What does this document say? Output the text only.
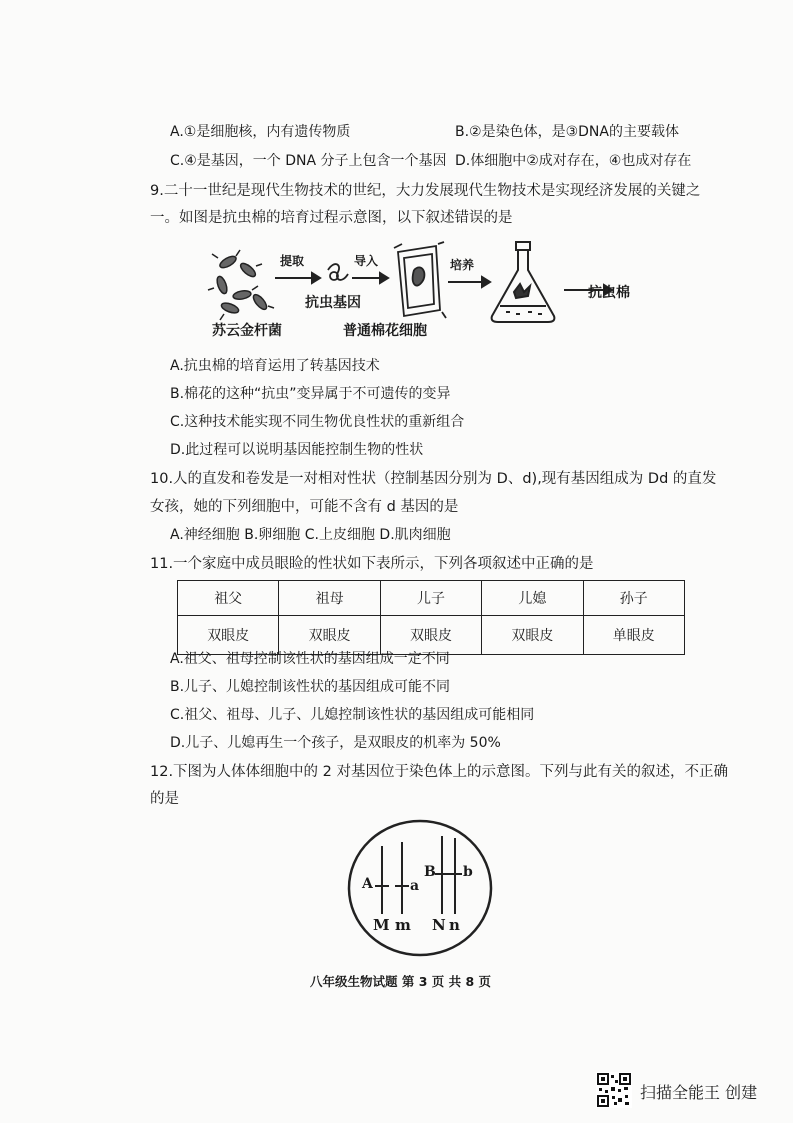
A.①是细胞核，内有遗传物质	B.②是染色体，是③DNA的主要载体
C.④是基因，一个 DNA 分子上包含一个基因 D.体细胞中②成对存在，④也成对存在
9.二十一世纪是现代生物技术的世纪，大力发展现代生物技术是实现经济发展的关键之
一。如图是抗虫棉的培育过程示意图，以下叙述错误的是
提取	导入	培养
抗虫基因
苏云金杆菌	普通棉花细胞
抗虫棉
A.抗虫棉的培育运用了转基因技术
B.棉花的这种“抗虫”变异属于不可遗传的变异
C.这种技术能实现不同生物优良性状的重新组合
D.此过程可以说明基因能控制生物的性状
10.人的直发和卷发是一对相对性状（控制基因分别为 D、d),现有基因组成为 Dd 的直发
女孩，她的下列细胞中，可能不含有 d 基因的是
A.神经细胞 B.卵细胞 C.上皮细胞 D.肌肉细胞
11.一个家庭中成员眼睑的性状如下表所示，下列各项叙述中正确的是
祖父	祖母	儿子	儿媳	孙子
双眼皮	双眼皮	双眼皮	双眼皮	单眼皮
A.祖父、祖母控制该性状的基因组成一定不同
B.儿子、儿媳控制该性状的基因组成可能不同
C.祖父、祖母、儿子、儿媳控制该性状的基因组成可能相同
D.儿子、儿媳再生一个孩子，是双眼皮的机率为 50%
12.下图为人体体细胞中的 2 对基因位于染色体上的示意图。下列与此有关的叙述，不正确
的是
A	a
B b
M m N n
八年级生物试题 第 3 页 共 8 页
扫描全能王 创建
